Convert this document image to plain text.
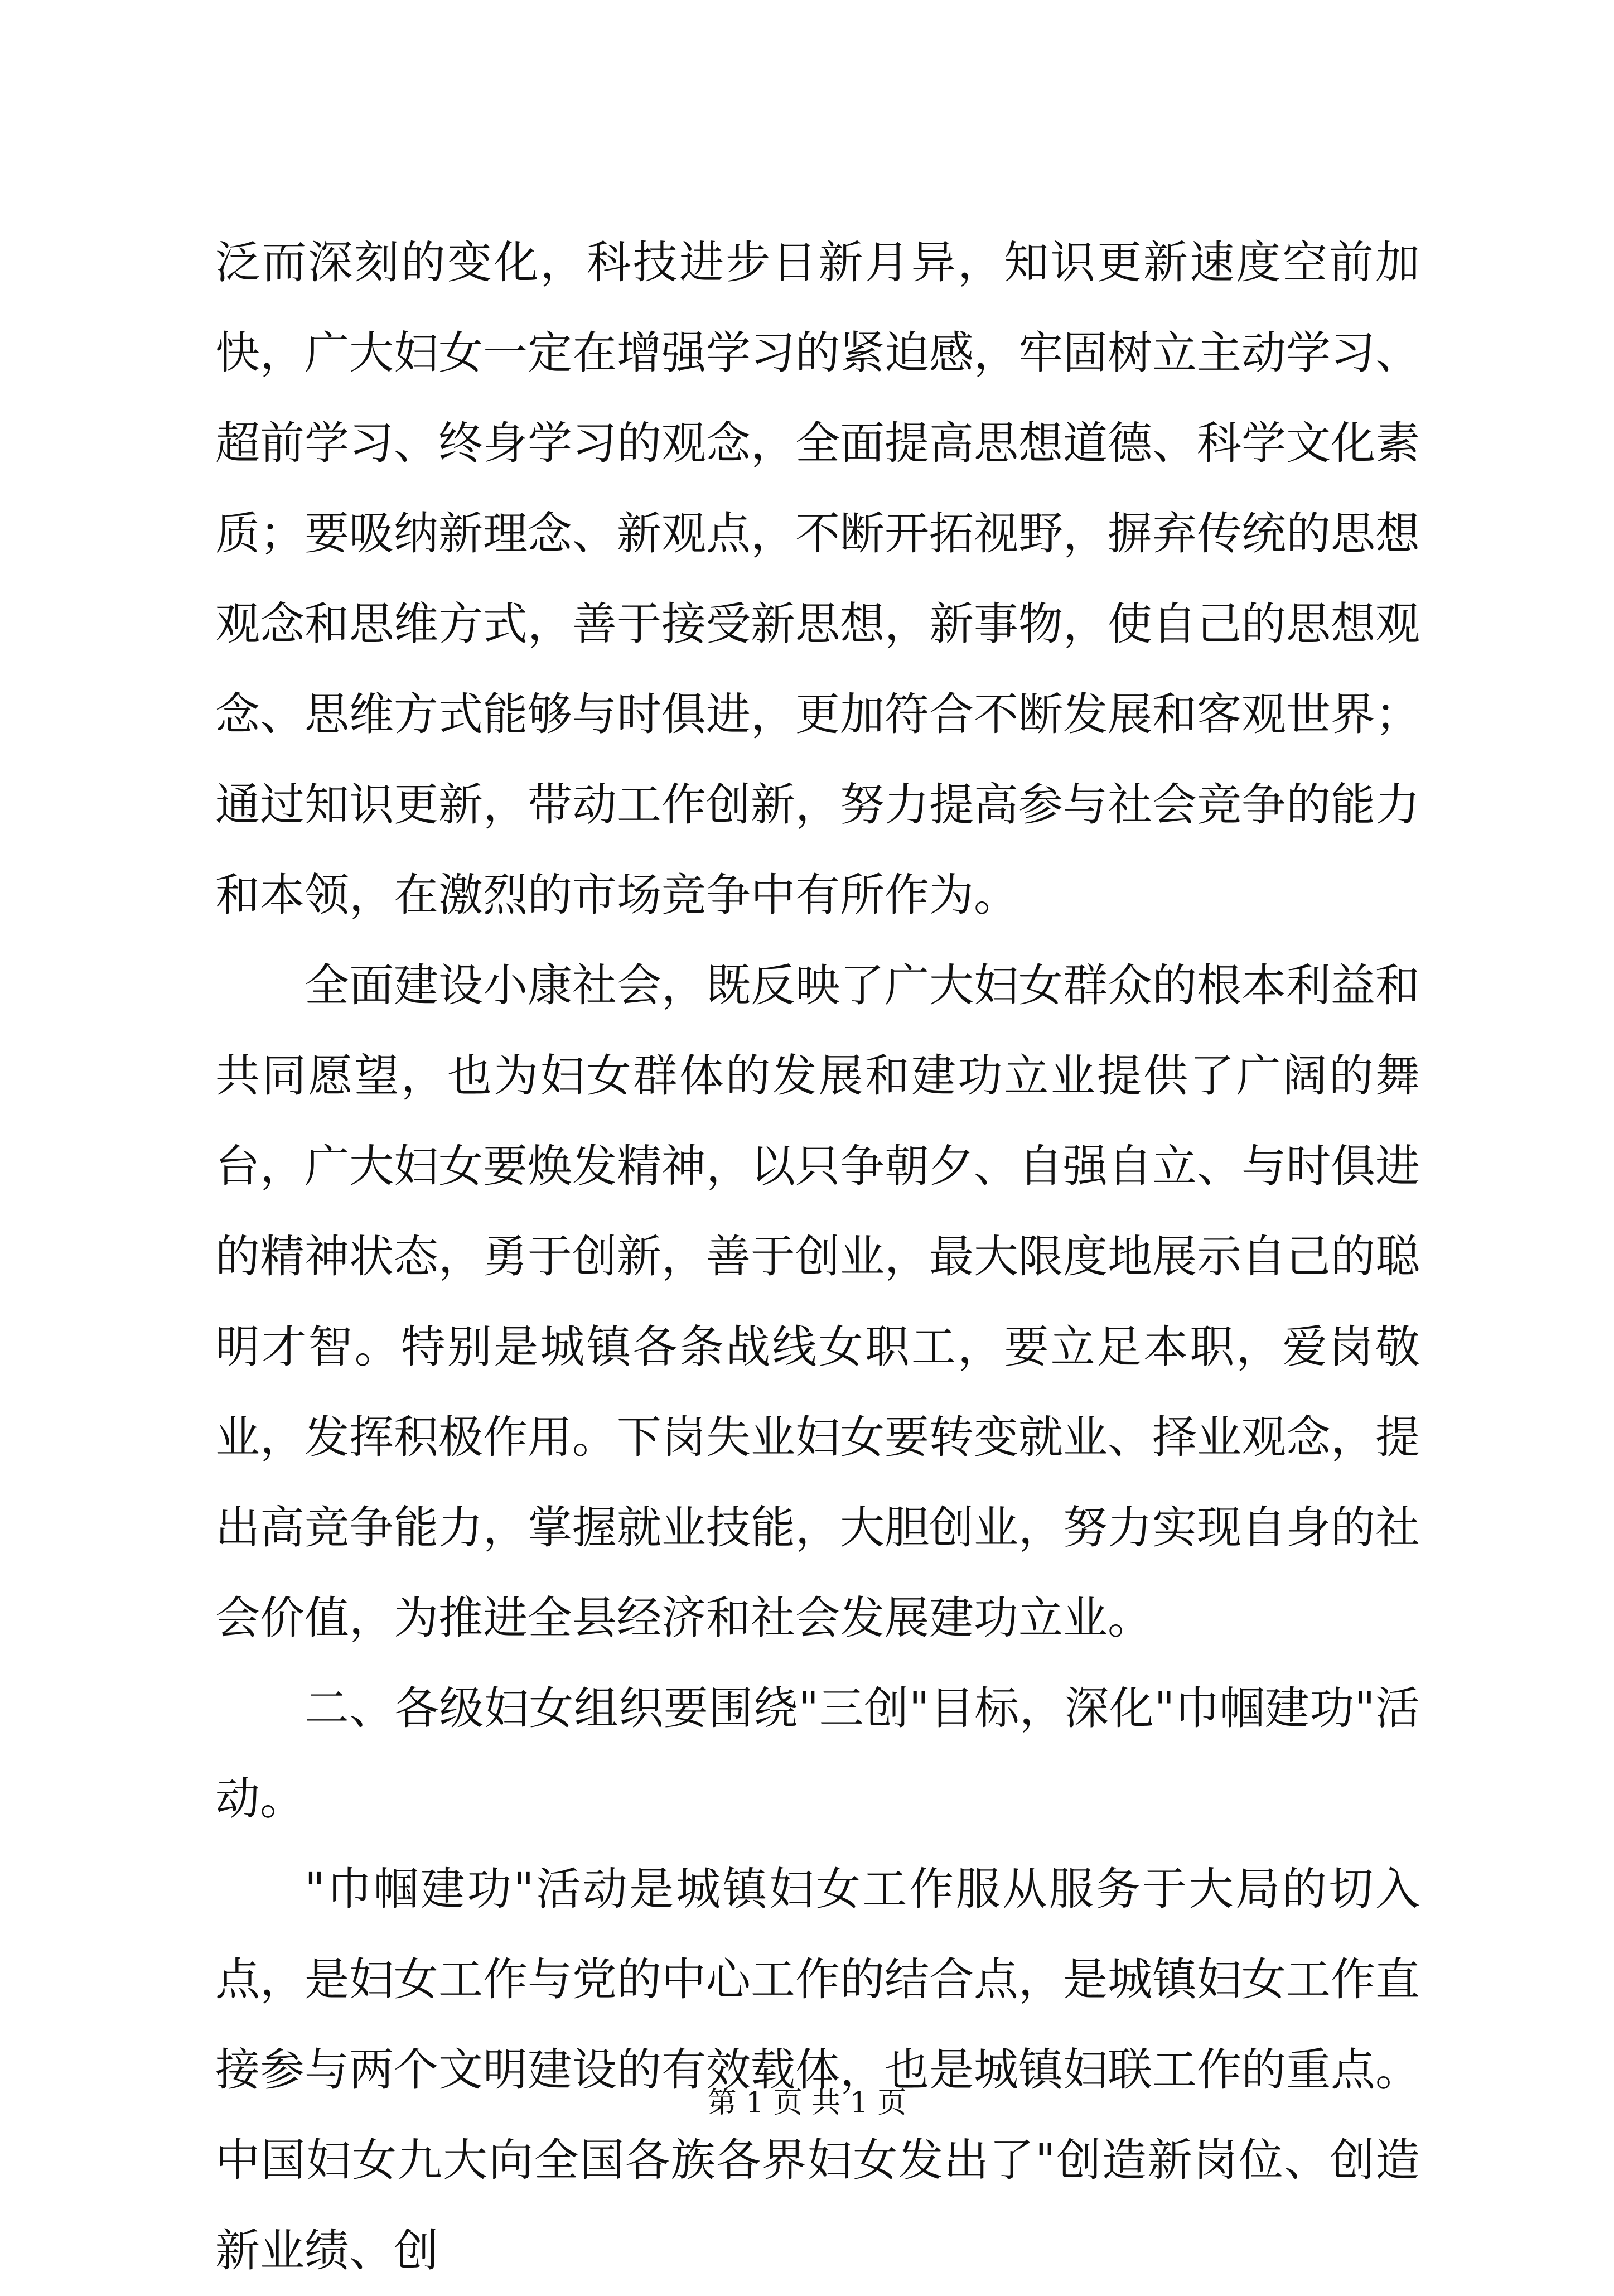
泛而深刻的变化，科技进步日新月异，知识更新速度空前加快，广大妇女一定在增强学习的紧迫感，牢固树立主动学习、超前学习、终身学习的观念，全面提高思想道德、科学文化素质；要吸纳新理念、新观点，不断开拓视野，摒弃传统的思想观念和思维方式，善于接受新思想，新事物，使自己的思想观念、思维方式能够与时俱进，更加符合不断发展和客观世界；通过知识更新，带动工作创新，努力提高参与社会竞争的能力和本领，在激烈的市场竞争中有所作为。

全面建设小康社会，既反映了广大妇女群众的根本利益和共同愿望，也为妇女群体的发展和建功立业提供了广阔的舞台，广大妇女要焕发精神，以只争朝夕、自强自立、与时俱进的精神状态，勇于创新，善于创业，最大限度地展示自己的聪明才智。特别是城镇各条战线女职工，要立足本职，爱岗敬业，发挥积极作用。下岗失业妇女要转变就业、择业观念，提出高竞争能力，掌握就业技能，大胆创业，努力实现自身的社会价值，为推进全县经济和社会发展建功立业。

二、各级妇女组织要围绕"三创"目标，深化"巾帼建功"活动。

"巾帼建功"活动是城镇妇女工作服从服务于大局的切入点，是妇女工作与党的中心工作的结合点，是城镇妇女工作直接参与两个文明建设的有效载体，也是城镇妇联工作的重点。中国妇女九大向全国各族各界妇女发出了"创造新岗位、创造新业绩、创

第 1 页 共 1 页
